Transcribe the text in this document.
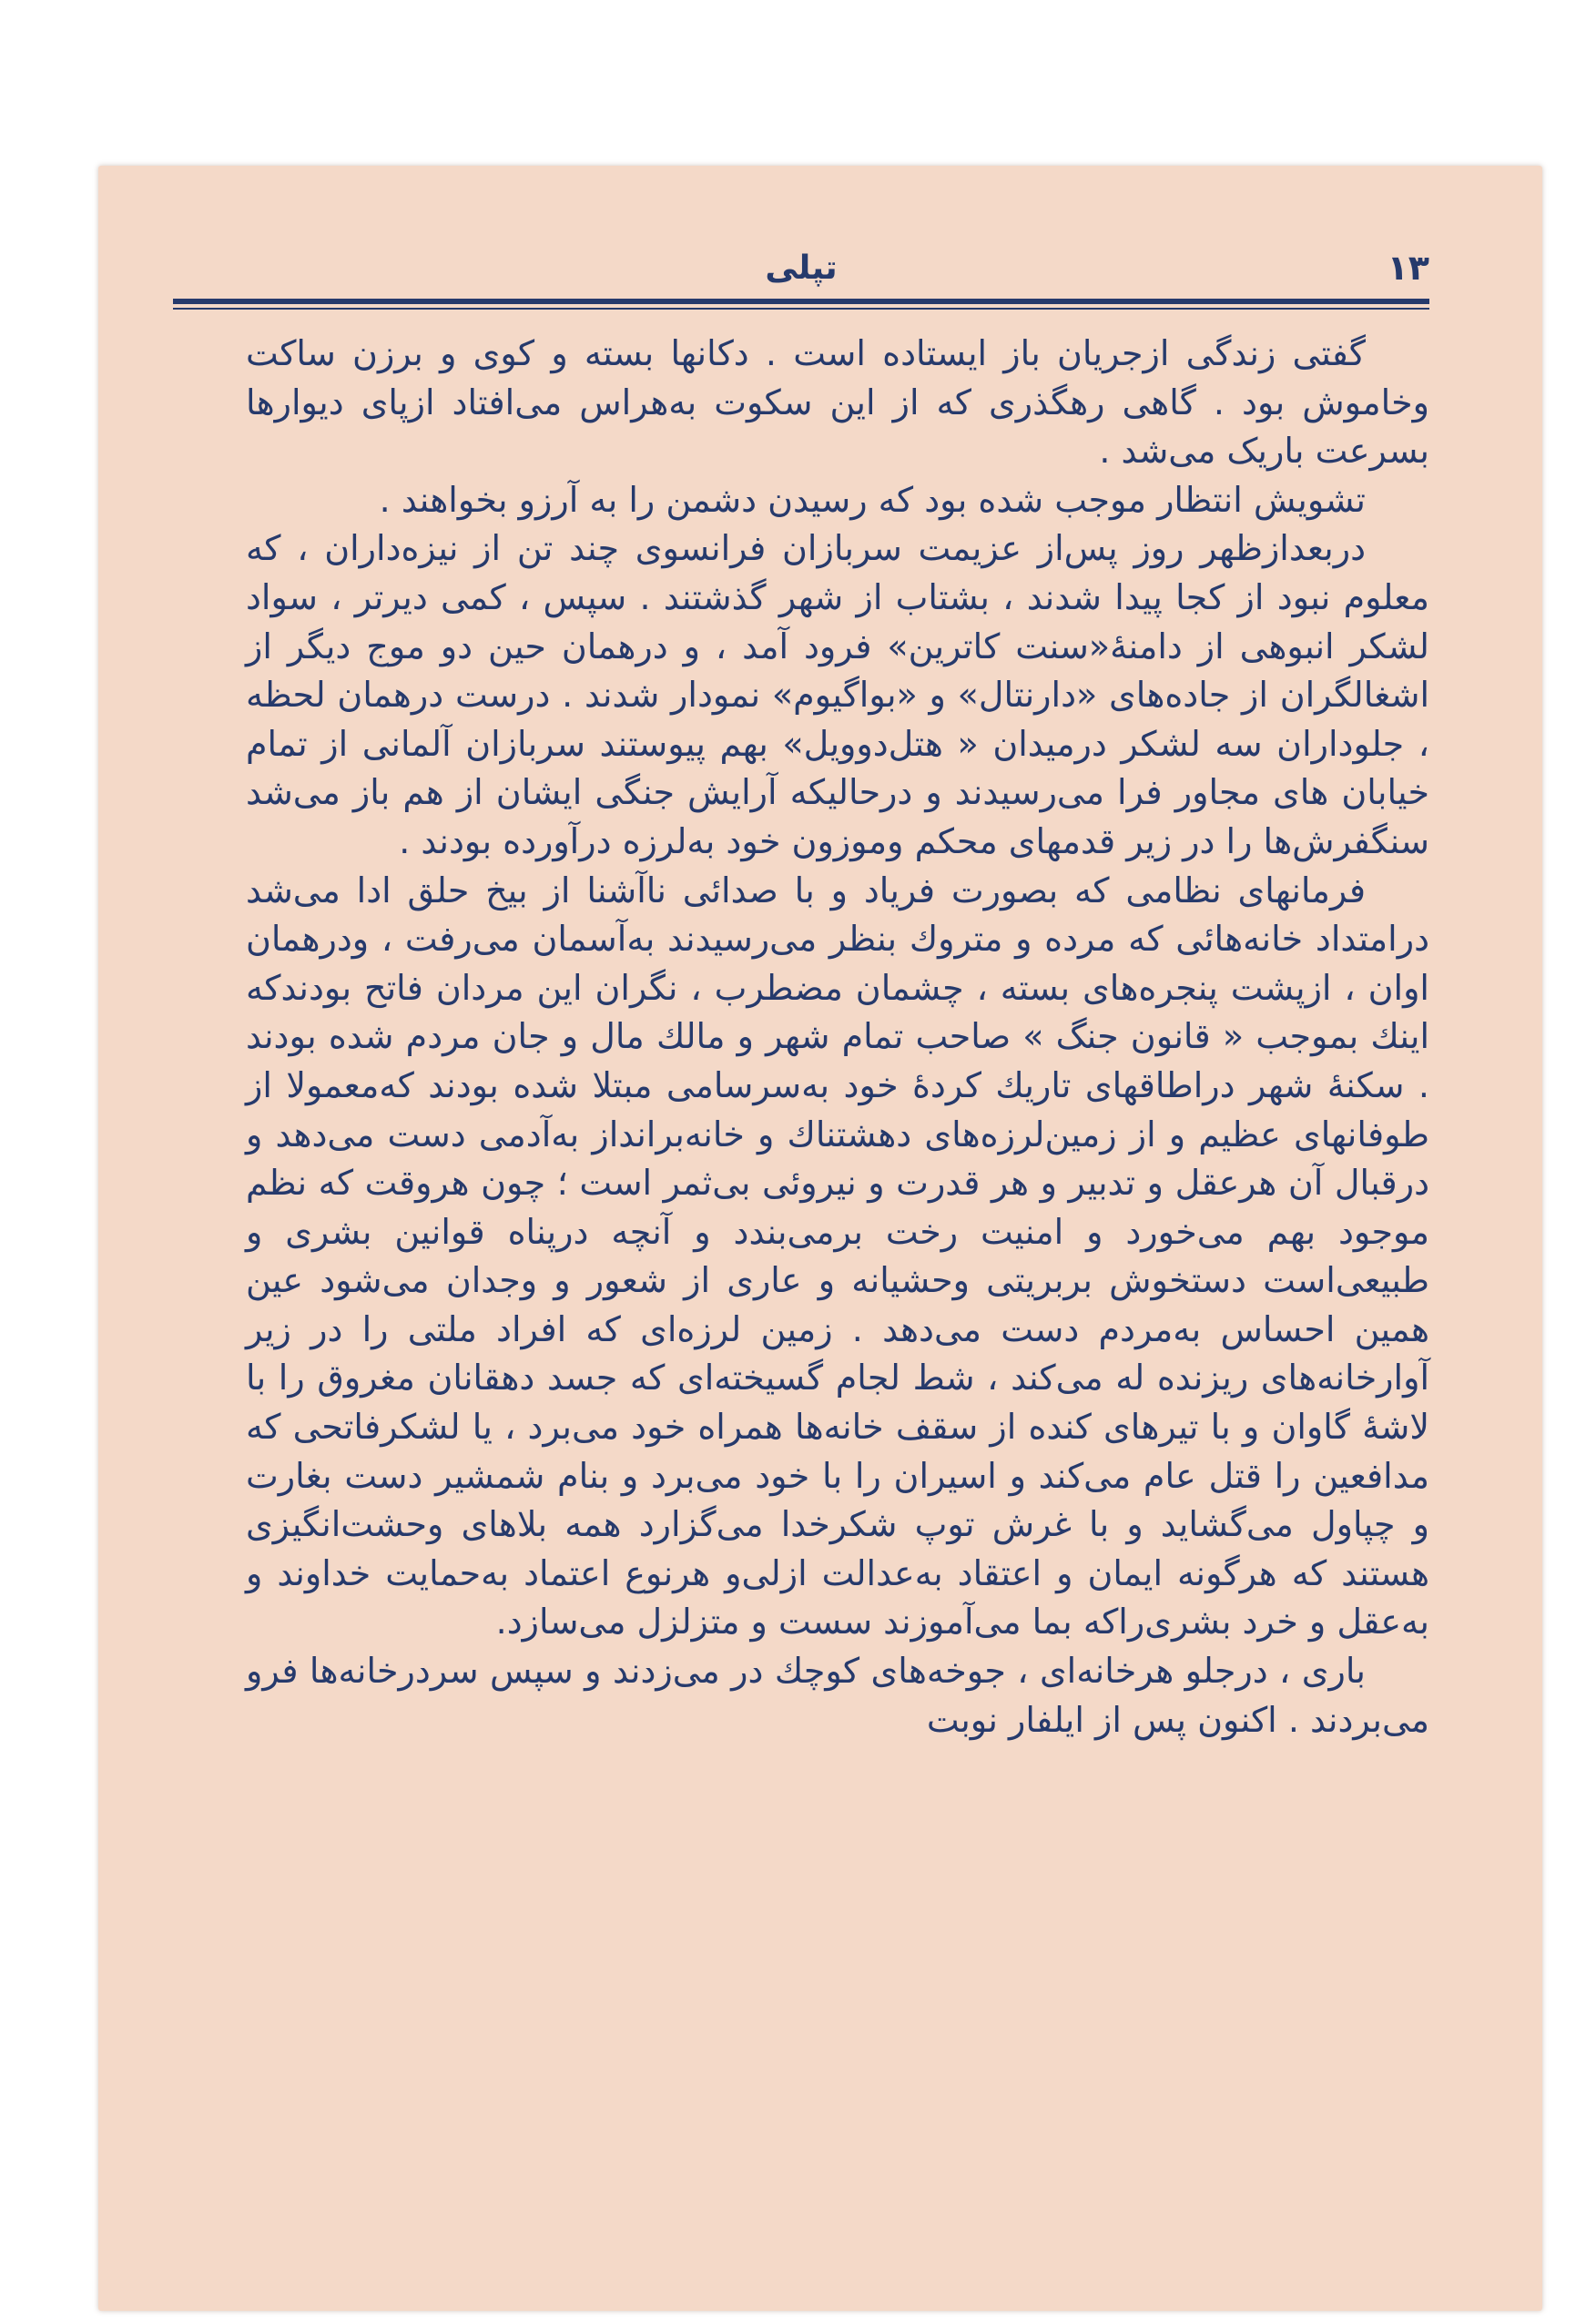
۱۳
تپلی

گفتی زندگی ازجریان باز ایستاده است . دکانها بسته و کوی و برزن ساکت وخاموش بود . گاهی رهگذری که از این سکوت به‌هراس می‌افتاد ازپای دیوارها بسرعت باریک می‌شد .

تشویش انتظار موجب شده بود که رسیدن دشمن را به آرزو بخواهند .

دربعدازظهر روز پس‌از عزیمت سربازان فرانسوی چند تن از نیزه‌داران ، که معلوم نبود از کجا پیدا شدند ، بشتاب از شهر گذشتند . سپس ، کمی دیرتر ، سواد لشکر انبوهی از دامنهٔ«سنت کاترین» فرود آمد ، و درهمان حین دو موج دیگر از اشغالگران از جاده‌های «دارنتال» و «بواگیوم» نمودار شدند . درست درهمان لحظه ، جلوداران سه لشکر درمیدان « هتل‌دوویل» بهم پیوستند سربازان آلمانی از تمام خیابان های مجاور فرا می‌رسیدند و درحالیکه آرایش جنگی ایشان از هم باز می‌شد سنگفرش‌ها را در زیر قدمهای محکم وموزون خود به‌لرزه درآورده بودند .

فرمانهای نظامی که بصورت فریاد و با صدائی ناآشنا از بیخ حلق ادا می‌شد درامتداد خانه‌هائی که مرده و متروك بنظر می‌رسیدند به‌آسمان می‌رفت ، ودرهمان اوان ، ازپشت پنجره‌های بسته ، چشمان مضطرب ، نگران این مردان فاتح بودندکه اینك بموجب « قانون جنگ » صاحب تمام شهر و مالك مال و جان مردم شده بودند . سکنهٔ شهر دراطاقهای تاریك کردهٔ خود به‌سرسامی مبتلا شده بودند که‌معمولا از طوفانهای عظیم و از زمین‌لرزه‌های دهشتناك و خانه‌برانداز به‌آدمی دست می‌دهد و درقبال آن هرعقل و تدبیر و هر قدرت و نیروئی بی‌ثمر است ؛ چون هروقت که نظم موجود بهم می‌خورد و امنیت رخت برمی‌بندد و آنچه درپناه قوانین بشری و طبیعی‌است دستخوش بربریتی وحشیانه و عاری از شعور و وجدان می‌شود عین همین احساس به‌مردم دست می‌دهد . زمین لرزه‌ای که افراد ملتی را در زیر آوارخانه‌های ریزنده له می‌کند ، شط لجام گسیخته‌ای که جسد دهقانان مغروق را با لاشهٔ گاوان و با تیرهای کنده از سقف خانه‌ها همراه خود می‌برد ، یا لشکرفاتحی که مدافعین را قتل عام می‌کند و اسیران را با خود می‌برد و بنام شمشیر دست بغارت و چپاول می‌گشاید و با غرش توپ شکرخدا می‌گزارد همه بلاهای وحشت‌انگیزی هستند که هرگونه ایمان و اعتقاد به‌عدالت ازلی‌و هرنوع اعتماد به‌حمایت خداوند و به‌عقل و خرد بشری‌راکه بما می‌آموزند سست و متزلزل می‌سازد.

باری ، درجلو هرخانه‌ای ، جوخه‌های کوچك در می‌زدند و سپس سردرخانه‌ها فرو می‌بردند . اکنون پس از ایلفار نوبت
